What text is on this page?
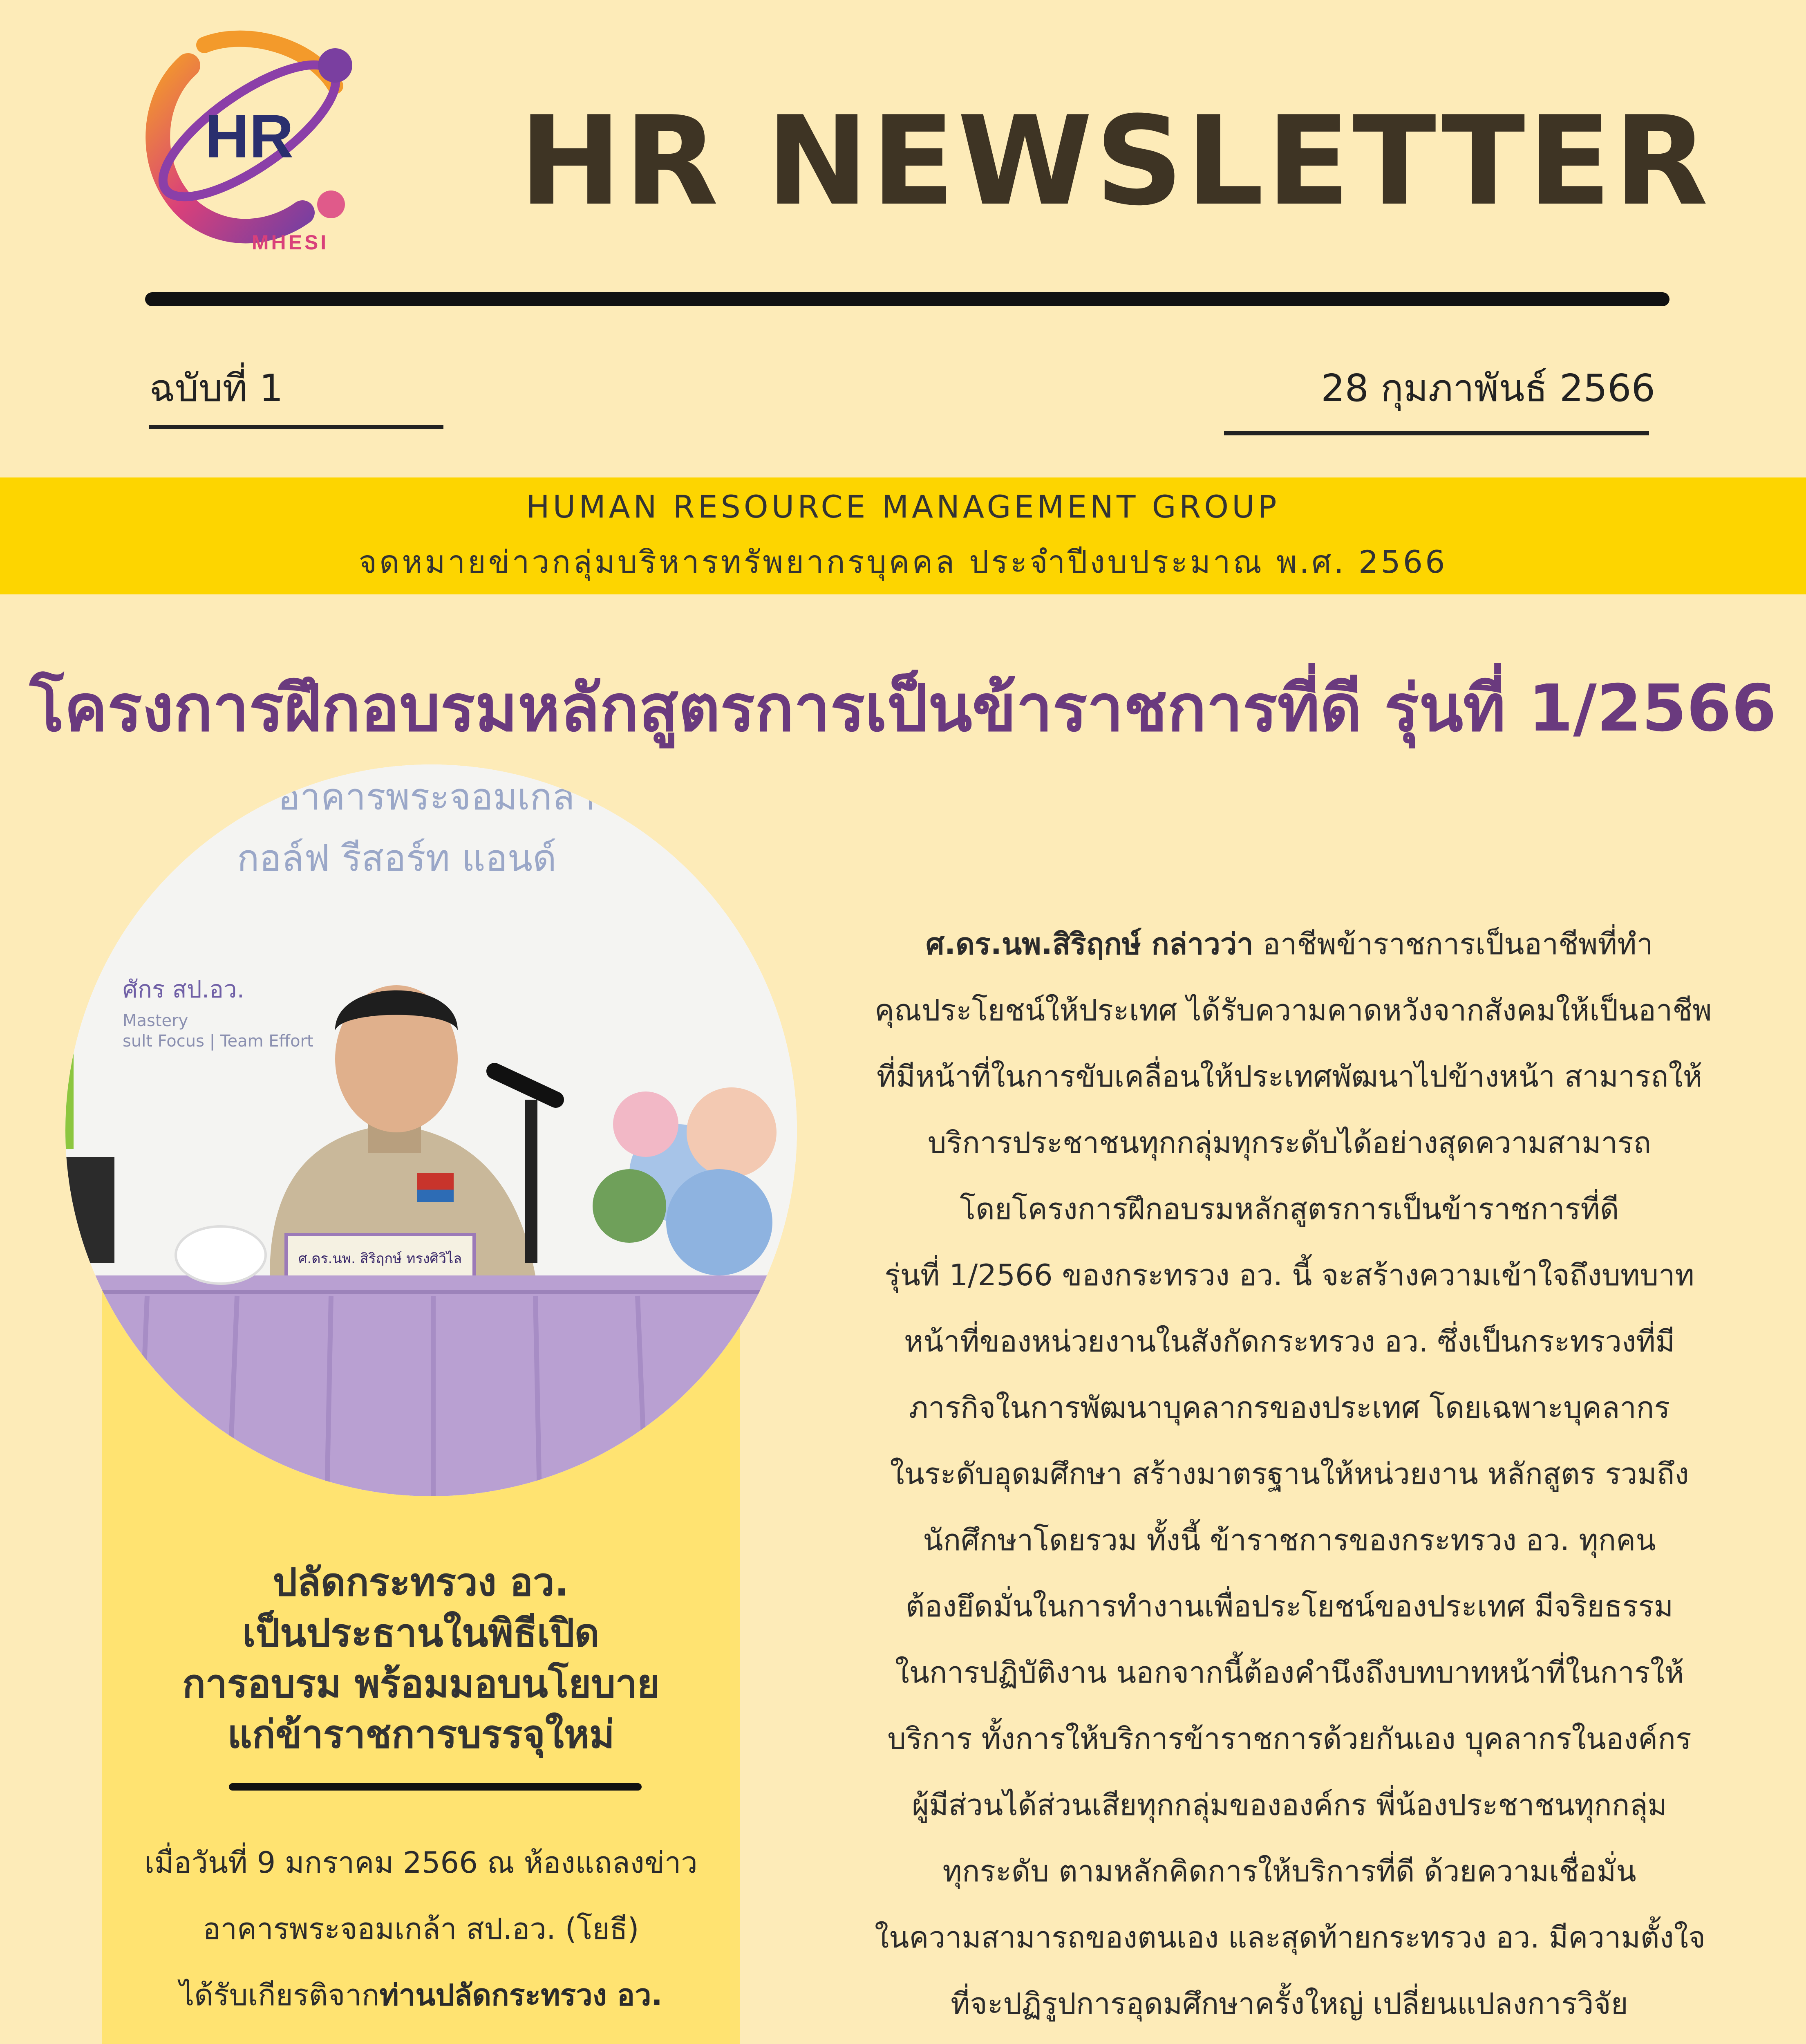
HR
MHESI
HR NEWSLETTER
ฉบับที่ 1	28 กุมภาพันธ์ 2566
HUMAN RESOURCE MANAGEMENT GROUP
จดหมายข่าวกลุ่มบริหารทรัพยากรบุคคล ประจำปีงบประมาณ พ.ศ. 2566
โครงการฝึกอบรมหลักสูตรการเป็นข้าราชการที่ดี รุ่นที่ 1/2566
อาคารพระจอมเกล้า
กอล์ฟ รีสอร์ท แอนด์
ศักร สป.อว.
Mastery
sult Focus | Team Effort
ศ.ดร.นพ. สิริฤกษ์ ทรงศิวิไล
ปลัดกระทรวง อว.
เป็นประธานในพิธีเปิด
การอบรม พร้อมมอบนโยบาย
แก่ข้าราชการบรรจุใหม่
เมื่อวันที่ 9 มกราคม 2566 ณ ห้องแถลงข่าว
อาคารพระจอมเกล้า สป.อว. (โยธี)
ได้รับเกียรติจากท่านปลัดกระทรวง อว.
ศ.ดร.นพ.สิริฤกษ์ กล่าวว่า อาชีพข้าราชการเป็นอาชีพที่ทำ
คุณประโยชน์ให้ประเทศ ได้รับความคาดหวังจากสังคมให้เป็นอาชีพ
ที่มีหน้าที่ในการขับเคลื่อนให้ประเทศพัฒนาไปข้างหน้า สามารถให้
บริการประชาชนทุกกลุ่มทุกระดับได้อย่างสุดความสามารถ
โดยโครงการฝึกอบรมหลักสูตรการเป็นข้าราชการที่ดี
รุ่นที่ 1/2566 ของกระทรวง อว. นี้ จะสร้างความเข้าใจถึงบทบาท
หน้าที่ของหน่วยงานในสังกัดกระทรวง อว. ซึ่งเป็นกระทรวงที่มี
ภารกิจในการพัฒนาบุคลากรของประเทศ โดยเฉพาะบุคลากร
ในระดับอุดมศึกษา สร้างมาตรฐานให้หน่วยงาน หลักสูตร รวมถึง
นักศึกษาโดยรวม ทั้งนี้ ข้าราชการของกระทรวง อว. ทุกคน
ต้องยึดมั่นในการทำงานเพื่อประโยชน์ของประเทศ มีจริยธรรม
ในการปฏิบัติงาน นอกจากนี้ต้องคำนึงถึงบทบาทหน้าที่ในการให้
บริการ ทั้งการให้บริการข้าราชการด้วยกันเอง บุคลากรในองค์กร
ผู้มีส่วนได้ส่วนเสียทุกกลุ่มขององค์กร พี่น้องประชาชนทุกกลุ่ม
ทุกระดับ ตามหลักคิดการให้บริการที่ดี ด้วยความเชื่อมั่น
ในความสามารถของตนเอง และสุดท้ายกระทรวง อว. มีความตั้งใจ
ที่จะปฏิรูปการอุดมศึกษาครั้งใหญ่ เปลี่ยนแปลงการวิจัย
